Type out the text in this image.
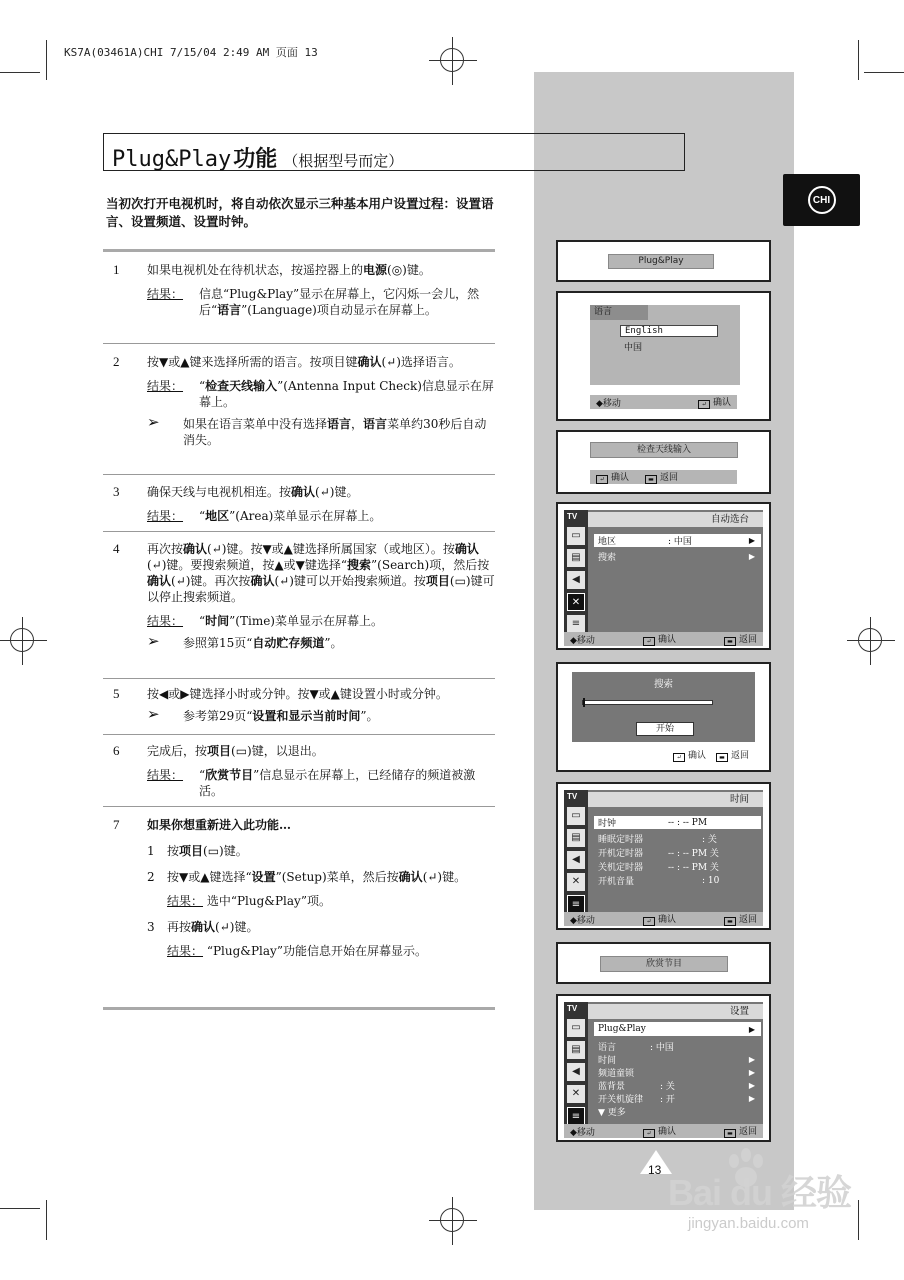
KS7A(03461A)CHI 7/15/04 2:49 AM 页面 13
Plug&Play 功能 （根据型号而定）
CHI
当初次打开电视机时，将自动依次显示三种基本用户设置过程：设置语言、设置频道、设置时钟。
1 如果电视机处在待机状态，按遥控器上的电源(◎)键。
结果：	信息“Plug&Play”显示在屏幕上，它闪烁一会儿，然后“语言”(Language)项自动显示在屏幕上。
2 按▼或▲键来选择所需的语言。按项目键确认(↵)选择语言。
结果：	“检查天线输入”(Antenna Input Check)信息显示在屏幕上。
➢ 如果在语言菜单中没有选择语言，语言菜单约30秒后自动消失。
3 确保天线与电视机相连。按确认(↵)键。
结果：	“地区”(Area)菜单显示在屏幕上。
4 再次按确认(↵)键。按▼或▲键选择所属国家（或地区）。按确认(↵)键。要搜索频道，按▲或▼键选择“搜索”(Search)项，然后按确认(↵)键。再次按确认(↵)键可以开始搜索频道。按项目(▭)键可以停止搜索频道。
结果：	“时间”(Time)菜单显示在屏幕上。
➢ 参照第15页“自动贮存频道”。
5 按◀或▶键选择小时或分钟。按▼或▲键设置小时或分钟。
➢ 参考第29页“设置和显示当前时间”。
6 完成后，按项目(▭)键，以退出。
结果：	“欣赏节目”信息显示在屏幕上，已经储存的频道被激活。
7 如果你想重新进入此功能…
1 按项目(▭)键。
2 按▼或▲键选择“设置”(Setup)菜单，然后按确认(↵)键。
结果： 选中“Plug&Play”项。
3 再按确认(↵)键。
结果： “Plug&Play”功能信息开始在屏幕显示。
Plug&Play
语言
English
中国
◆移动	↵ 确认
检查天线输入
↵ 确认	▬ 返回
TV
▭
▤
◀
✕
≡
自动选台
地区	: 中国	▶
搜索	▶
◆移动	↵ 确认	▬ 返回
搜索
开始
↵ 确认	▬ 返回
TV
▭
▤
◀
✕
≡
时间
时钟	-- : -- PM
睡眠定时器	: 关
开机定时器	-- : -- PM 关
关机定时器	-- : -- PM 关
开机音量	: 10
◆移动	↵ 确认	▬ 返回
欣赏节目
TV
▭
▤
◀
✕
≡
设置
Plug&Play	▶
语言	: 中国
时间	▶
频道童锁	▶
蓝背景	: 关	▶
开关机旋律 : 开	▶
▼ 更多
◆移动	↵ 确认	▬ 返回
13
Bai du 经验
jingyan.baidu.com
